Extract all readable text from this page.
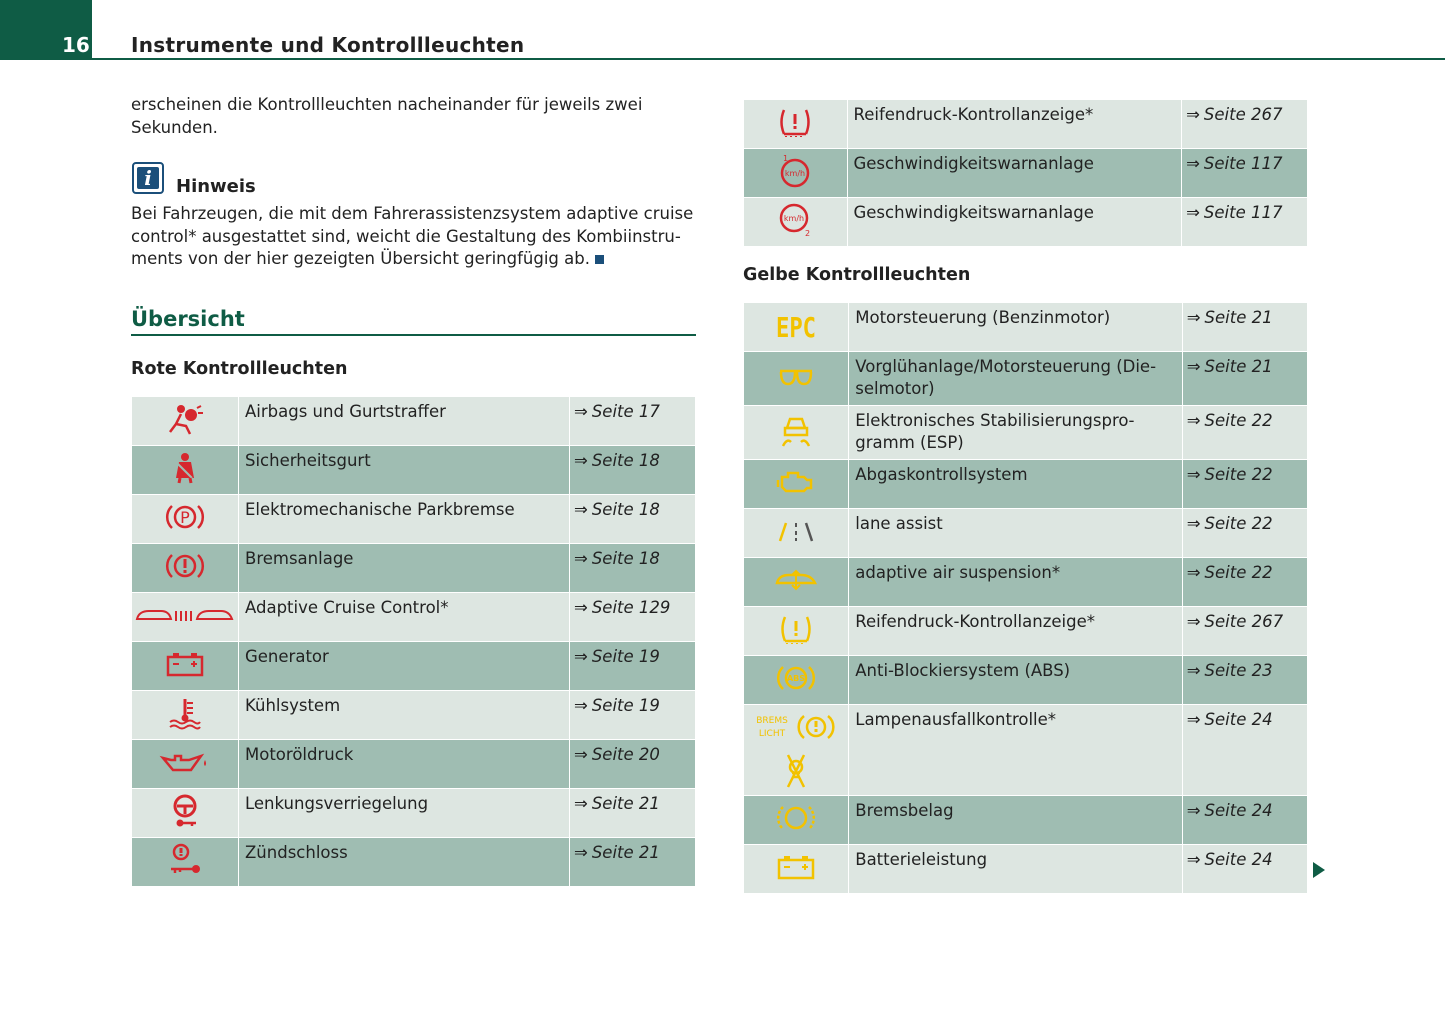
16 Instrumente und Kontrollleuchten
erscheinen die Kontrollleuchten nacheinander für jeweils zwei Sekunden.
i	Hinweis
Bei Fahrzeugen, die mit dem Fahrerassistenzsystem adaptive cruise control* ausgestattet sind, weicht die Gestaltung des Kombiinstruments von der hier gezeigten Übersicht geringfügig ab.
Übersicht
Rote Kontrollleuchten
	Airbags und Gurtstraffer	⇒ Seite 17
	Sicherheitsgurt	⇒ Seite 18

P	Elektromechanische Parkbremse	⇒ Seite 18
	Bremsanlage	⇒ Seite 18
	Adaptive Cruise Control*	⇒ Seite 129
	Generator	⇒ Seite 19
	Kühlsystem	⇒ Seite 19
	Motoröldruck	⇒ Seite 20
	Lenkungsverriegelung	⇒ Seite 21
	Zündschloss	⇒ Seite 21
	Reifendruck-Kontrollanzeige*	⇒ Seite 267

1
km/h	Geschwindigkeitswarnanlage	⇒ Seite 117

2
km/h	Geschwindigkeitswarnanlage	⇒ Seite 117
Gelbe Kontrollleuchten
EPC	Motorsteuerung (Benzinmotor)	⇒ Seite 21
	Vorglühanlage/Motorsteuerung (Dieselmotor)	⇒ Seite 21
	Elektronisches Stabilisierungsprogramm (ESP)	⇒ Seite 22
	Abgaskontrollsystem	⇒ Seite 22
	lane assist	⇒ Seite 22
	adaptive air suspension*	⇒ Seite 22
	Reifendruck-Kontrollanzeige*	⇒ Seite 267

ABS	Anti-Blockiersystem (ABS)	⇒ Seite 23

BREMS
LICHT	Lampenausfallkontrolle*	⇒ Seite 24
	Bremsbelag	⇒ Seite 24
	Batterieleistung	⇒ Seite 24
